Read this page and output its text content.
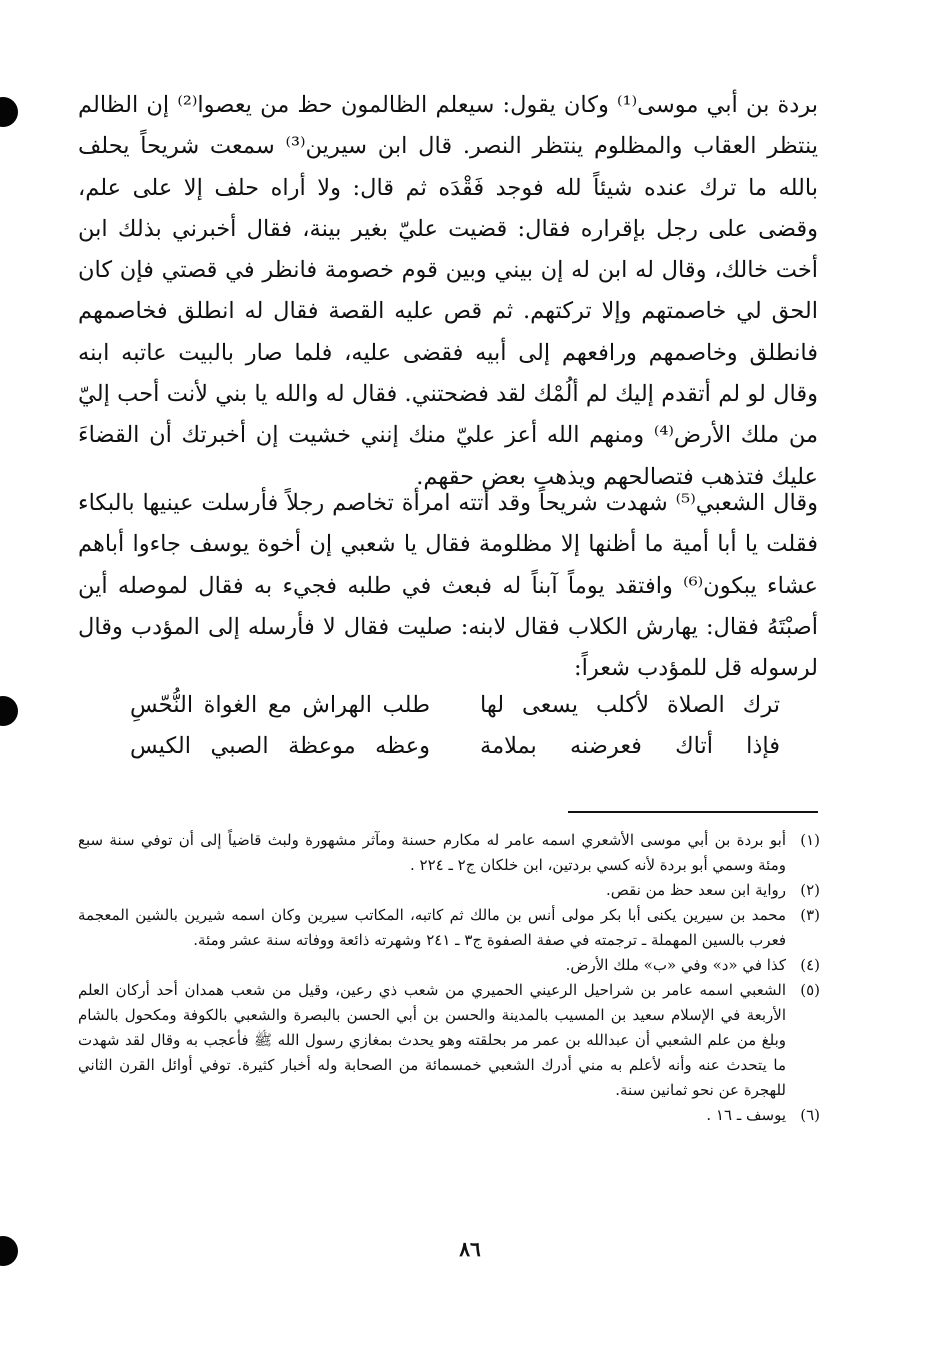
بردة بن أبي موسى⁽¹⁾ وكان يقول: سيعلم الظالمون حظ من يعصوا⁽²⁾ إن الظالم ينتظر العقاب والمظلوم ينتظر النصر. قال ابن سيرين⁽³⁾ سمعت شريحاً يحلف بالله ما ترك عنده شيئاً لله فوجد فَقْدَه ثم قال: ولا أراه حلف إلا على علم، وقضى على رجل بإقراره فقال: قضيت عليّ بغير بينة، فقال أخبرني بذلك ابن أخت خالك، وقال له ابن له إن بيني وبين قوم خصومة فانظر في قصتي فإن كان الحق لي خاصمتهم وإلا تركتهم. ثم قص عليه القصة فقال له انطلق فخاصمهم فانطلق وخاصمهم ورافعهم إلى أبيه فقضى عليه، فلما صار بالبيت عاتبه ابنه وقال لو لم أتقدم إليك لم ألُمْك لقد فضحتني. فقال له والله يا بني لأنت أحب إليّ من ملك الأرض⁽⁴⁾ ومنهم الله أعز عليّ منك إنني خشيت إن أخبرتك أن القضاءَ عليك فتذهب فتصالحهم ويذهب بعض حقهم.

وقال الشعبي⁽⁵⁾ شهدت شريحاً وقد أتته امرأة تخاصم رجلاً فأرسلت عينيها بالبكاء فقلت يا أبا أمية ما أظنها إلا مظلومة فقال يا شعبي إن أخوة يوسف جاءوا أباهم عشاء يبكون⁽⁶⁾ وافتقد يوماً آبناً له فبعث في طلبه فجيء به فقال لموصله أين أصبْتَهُ فقال: يهارش الكلاب فقال لابنه: صليت فقال لا فأرسله إلى المؤدب وقال لرسوله قل للمؤدب شعراً:

ترك الصلاة لأكلب يسعى لها
طلب الهراش مع الغواة النُّحّسِ
فإذا أتاك فعرضنه بملامة
وعظه موعظة الصبي الكيس
(١)
أبو بردة بن أبي موسى الأشعري اسمه عامر له مكارم حسنة ومآثر مشهورة ولبث قاضياً إلى أن توفي سنة سبع ومئة وسمي أبو بردة لأنه كسي بردتين، ابن خلكان ج٢ ـ ٢٢٤ .
(٢)
رواية ابن سعد حظ من نقص.
(٣)
محمد بن سيرين يكنى أبا بكر مولى أنس بن مالك ثم كاتبه، المكاتب سيرين وكان اسمه شيرين بالشين المعجمة فعرب بالسين المهملة ـ ترجمته في صفة الصفوة ج٣ ـ ٢٤١ وشهرته ذائعة ووفاته سنة عشر ومئة.
(٤)
كذا في «د» وفي «ب» ملك الأرض.
(٥)
الشعبي اسمه عامر بن شراحيل الرعيني الحميري من شعب ذي رعين، وقيل من شعب همدان أحد أركان العلم الأربعة في الإسلام سعيد بن المسيب بالمدينة والحسن بن أبي الحسن بالبصرة والشعبي بالكوفة ومكحول بالشام وبلغ من علم الشعبي أن عبدالله بن عمر مر بحلقته وهو يحدث بمغازي رسول الله ﷺ فأعجب به وقال لقد شهدت ما يتحدث عنه وأنه لأعلم به مني أدرك الشعبي خمسمائة من الصحابة وله أخبار كثيرة. توفي أوائل القرن الثاني للهجرة عن نحو ثمانين سنة.
(٦)
يوسف ـ ١٦ .
٨٦
